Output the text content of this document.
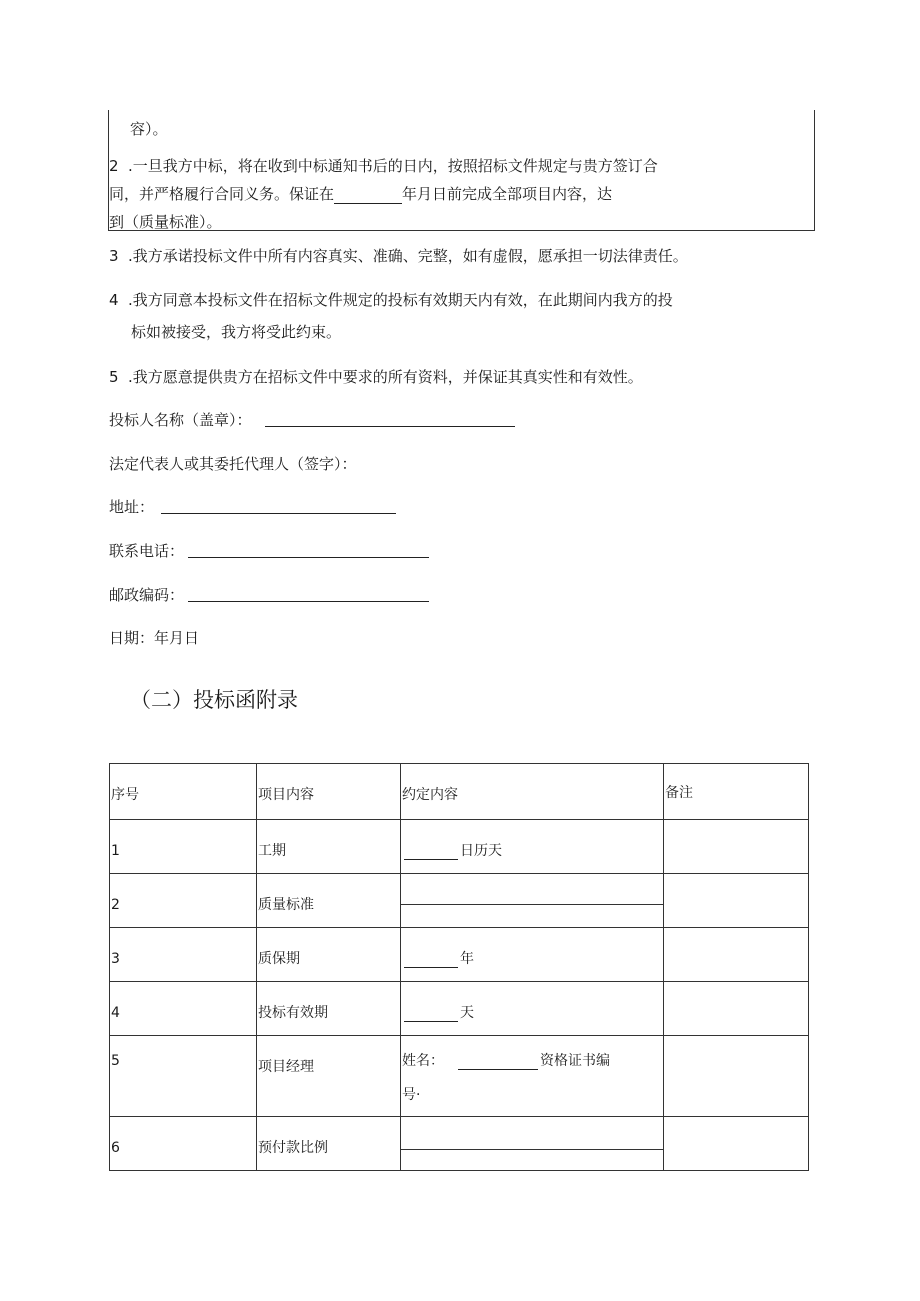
容）。
2 .一旦我方中标，将在收到中标通知书后的日内，按照招标文件规定与贵方签订合
同，并严格履行合同义务。保证在	年月日前完成全部项目内容，达
到（质量标准）。
3 .我方承诺投标文件中所有内容真实、准确、完整，如有虚假，愿承担一切法律责任。
4 .我方同意本投标文件在招标文件规定的投标有效期天内有效，在此期间内我方的投
标如被接受，我方将受此约束。
5 .我方愿意提供贵方在招标文件中要求的所有资料，并保证其真实性和有效性。
投标人名称（盖章）：
法定代表人或其委托代理人（签字）：
地址：
联系电话：
邮政编码：
日期：年月日
（二）投标函附录
序号	项目内容	约定内容	备注

1	工期	日历天	

2	质量标准		

3	质保期	年	

4	投标有效期	天	

5	项目经理	姓名： 资格证书编
号·	

6	预付款比例		
